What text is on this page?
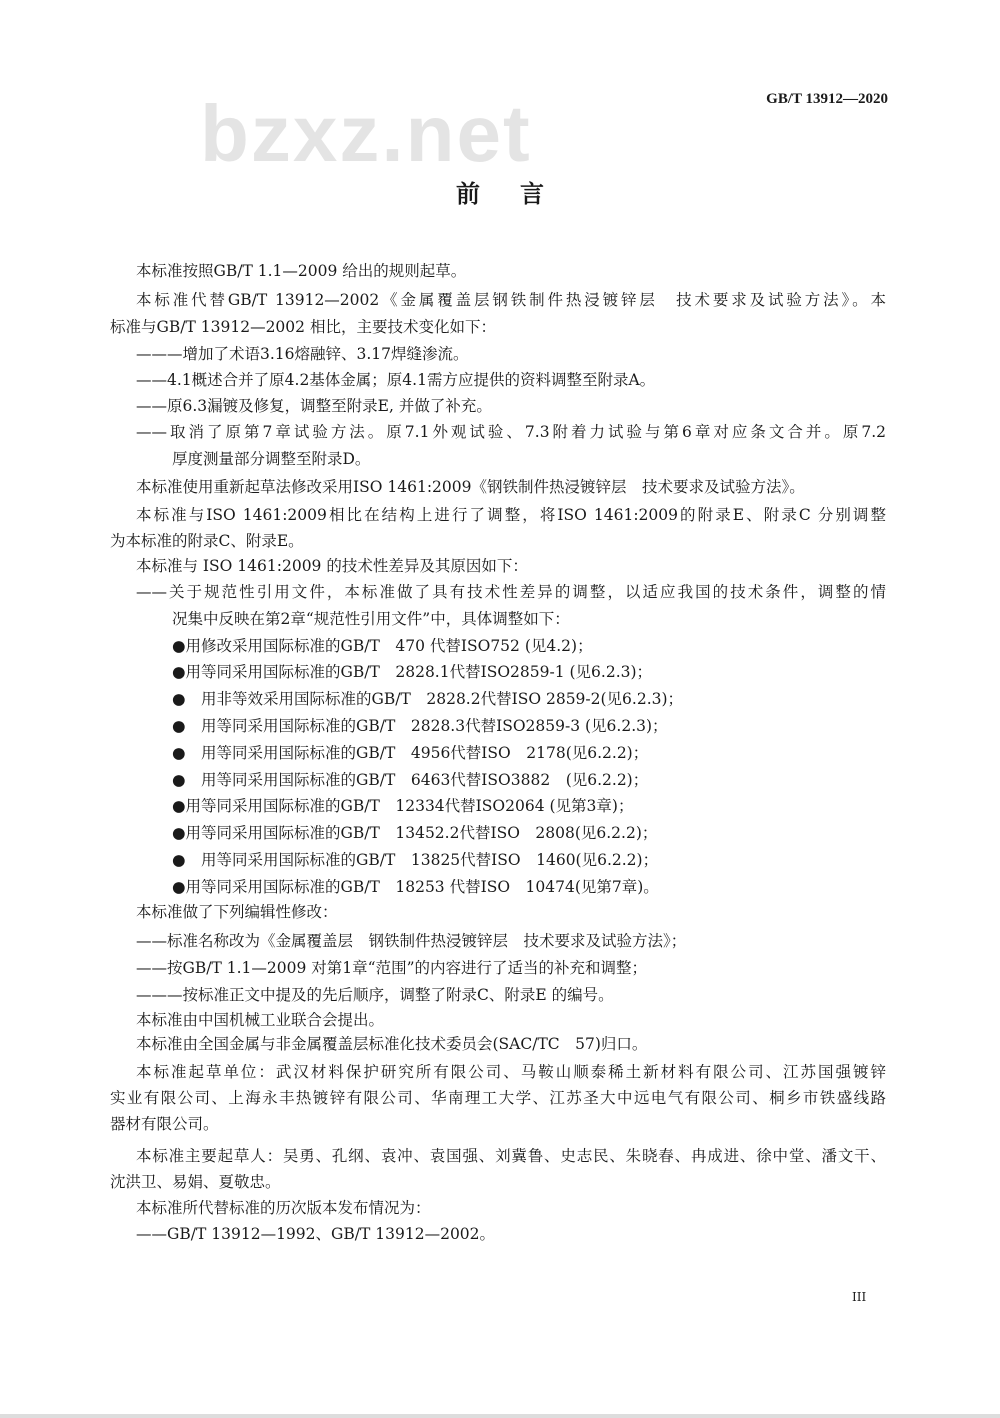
GB/T 13912—2020
bzxz.net
前言
本标准按照GB/T 1.1—2009 给出的规则起草。
本标准代替GB/T 13912—2002《金属覆盖层钢铁制件热浸镀锌层　技术要求及试验方法》。本
标准与GB/T 13912—2002 相比，主要技术变化如下：
———增加了术语3.16熔融锌、3.17焊缝渗流。
——4.1概述合并了原4.2基体金属；原4.1需方应提供的资料调整至附录A。
——原6.3漏镀及修复，调整至附录E, 并做了补充。
——取消了原第7章试验方法。原7.1外观试验、7.3附着力试验与第6章对应条文合并。原7.2
厚度测量部分调整至附录D。
本标准使用重新起草法修改采用ISO 1461:2009《钢铁制件热浸镀锌层　技术要求及试验方法》。
本标准与ISO 1461:2009相比在结构上进行了调整，将ISO 1461:2009的附录E、附录C 分别调整
为本标准的附录C、附录E。
本标准与 ISO 1461:2009 的技术性差异及其原因如下：
——关于规范性引用文件，本标准做了具有技术性差异的调整，以适应我国的技术条件，调整的情
况集中反映在第2章“规范性引用文件”中，具体调整如下：
●用修改采用国际标准的GB/T　470 代替ISO752 (见4.2)；
●用等同采用国际标准的GB/T　2828.1代替ISO2859-1 (见6.2.3)；
●　用非等效采用国际标准的GB/T　2828.2代替ISO 2859-2(见6.2.3)；
●　用等同采用国际标准的GB/T　2828.3代替ISO2859-3 (见6.2.3)；
●　用等同采用国际标准的GB/T　4956代替ISO　2178(见6.2.2)；
●　用等同采用国际标准的GB/T　6463代替ISO3882　(见6.2.2)；
●用等同采用国际标准的GB/T　12334代替ISO2064 (见第3章)；
●用等同采用国际标准的GB/T　13452.2代替ISO　2808(见6.2.2)；
●　用等同采用国际标准的GB/T　13825代替ISO　1460(见6.2.2)；
●用等同采用国际标准的GB/T　18253 代替ISO　10474(见第7章)。
本标准做了下列编辑性修改：
——标准名称改为《金属覆盖层　钢铁制件热浸镀锌层　技术要求及试验方法》；
——按GB/T 1.1—2009 对第1章“范围”的内容进行了适当的补充和调整；
———按标准正文中提及的先后顺序，调整了附录C、附录E 的编号。
本标准由中国机械工业联合会提出。
本标准由全国金属与非金属覆盖层标准化技术委员会(SAC/TC　57)归口。
本标准起草单位：武汉材料保护研究所有限公司、马鞍山顺泰稀土新材料有限公司、江苏国强镀锌
实业有限公司、上海永丰热镀锌有限公司、华南理工大学、江苏圣大中远电气有限公司、桐乡市铁盛线路
器材有限公司。
本标准主要起草人：吴勇、孔纲、袁冲、袁国强、刘冀鲁、史志民、朱晓春、冉成进、徐中堂、潘文干、
沈洪卫、易娟、夏敬忠。
本标准所代替标准的历次版本发布情况为：
——GB/T 13912—1992、GB/T 13912—2002。
III
